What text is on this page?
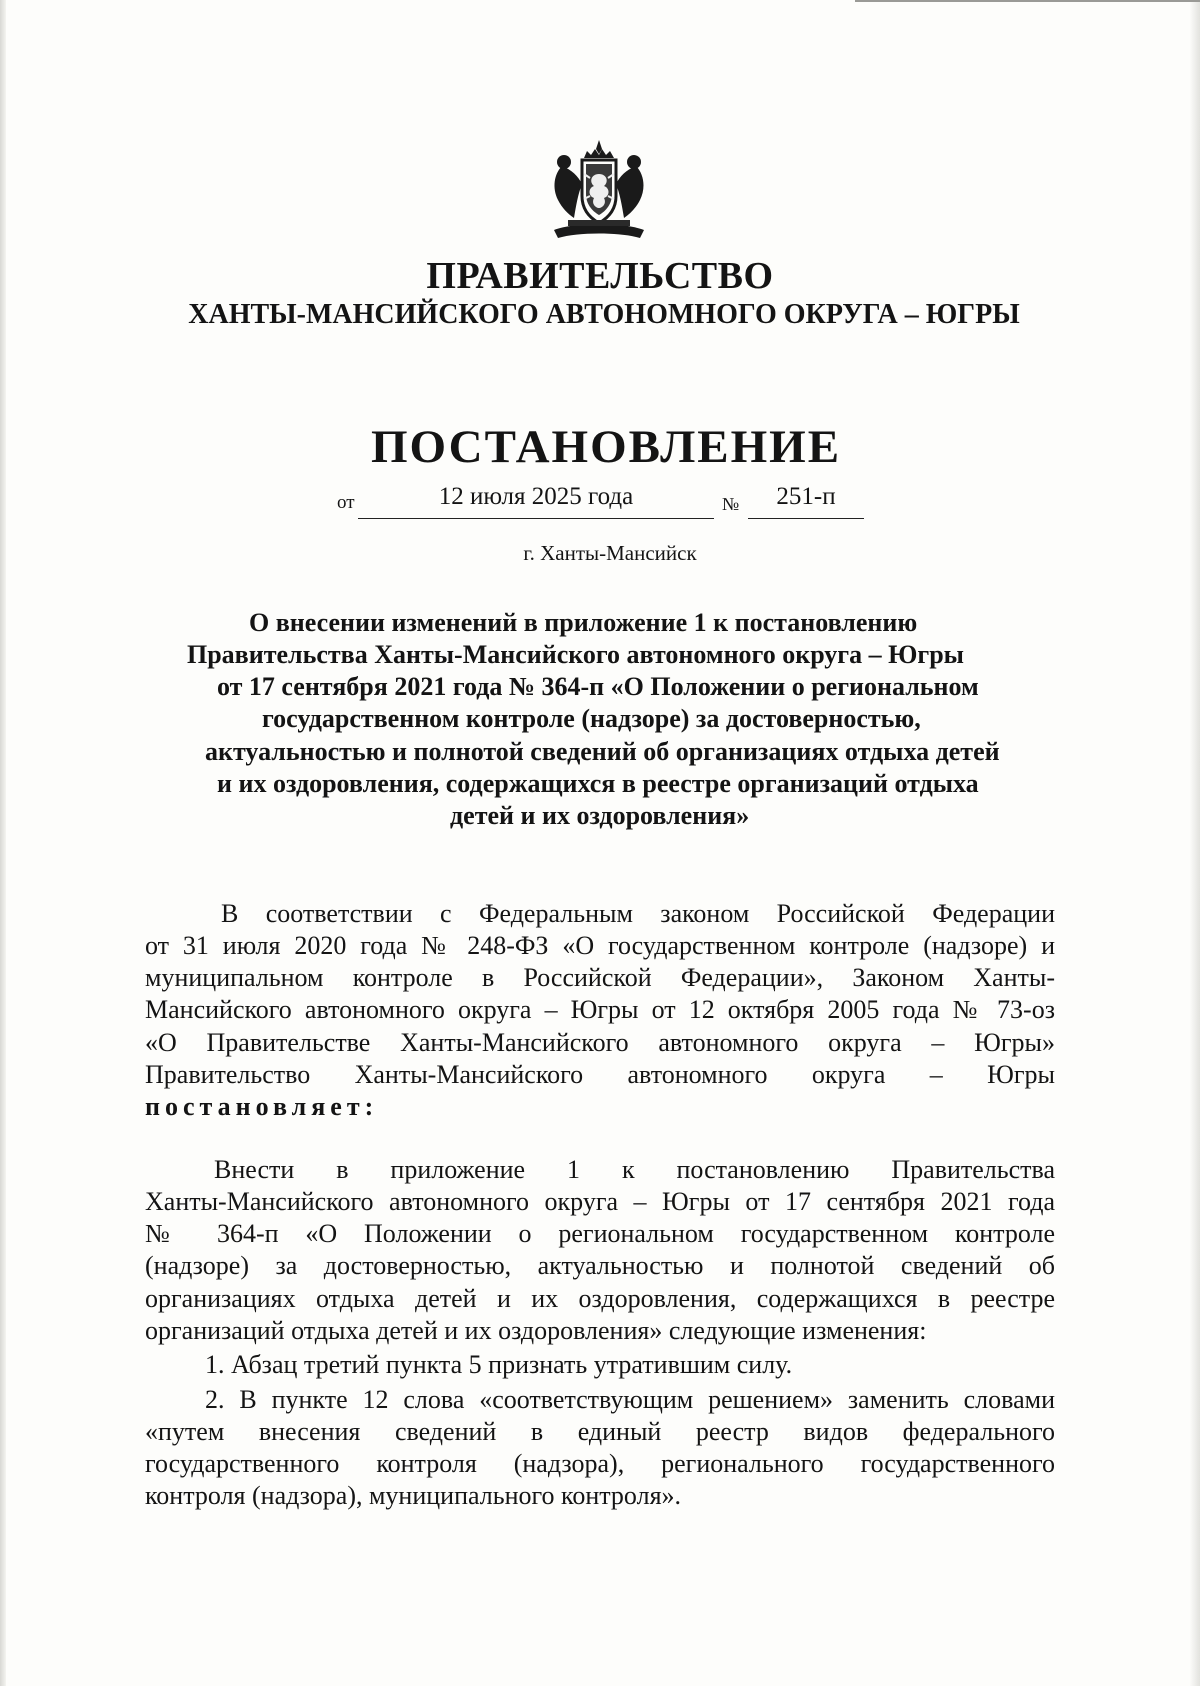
ПРАВИТЕЛЬСТВО
ХАНТЫ-МАНСИЙСКОГО АВТОНОМНОГО ОКРУГА – ЮГРЫ
ПОСТАНОВЛЕНИЕ
от	12 июля 2025 года	№	251-п

г. Ханты-Мансийск

О внесении изменений в приложение 1 к постановлению
Правительства Ханты-Мансийского автономного округа – Югры
от 17 сентября 2021 года № 364-п «О Положении о региональном
государственном контроле (надзоре) за достоверностью,
актуальностью и полнотой сведений об организациях отдыха детей
и их оздоровления, содержащихся в реестре организаций отдыха
детей и их оздоровления»
В соответствии с Федеральным законом Российской Федерации
от 31 июля 2020 года № 248-ФЗ «О государственном контроле (надзоре) и
муниципальном контроле в Российской Федерации», Законом Ханты-
Мансийского автономного округа – Югры от 12 октября 2005 года № 73-оз
«О Правительстве Ханты-Мансийского автономного округа – Югры»
Правительство Ханты-Мансийского автономного округа – Югры
постановляет:
Внести в приложение 1 к постановлению Правительства
Ханты-Мансийского автономного округа – Югры от 17 сентября 2021 года
№ 364-п «О Положении о региональном государственном контроле
(надзоре) за достоверностью, актуальностью и полнотой сведений об
организациях отдыха детей и их оздоровления, содержащихся в реестре
организаций отдыха детей и их оздоровления» следующие изменения:
1. Абзац третий пункта 5 признать утратившим силу.
2. В пункте 12 слова «соответствующим решением» заменить словами
«путем внесения сведений в единый реестр видов федерального
государственного контроля (надзора), регионального государственного
контроля (надзора), муниципального контроля».
